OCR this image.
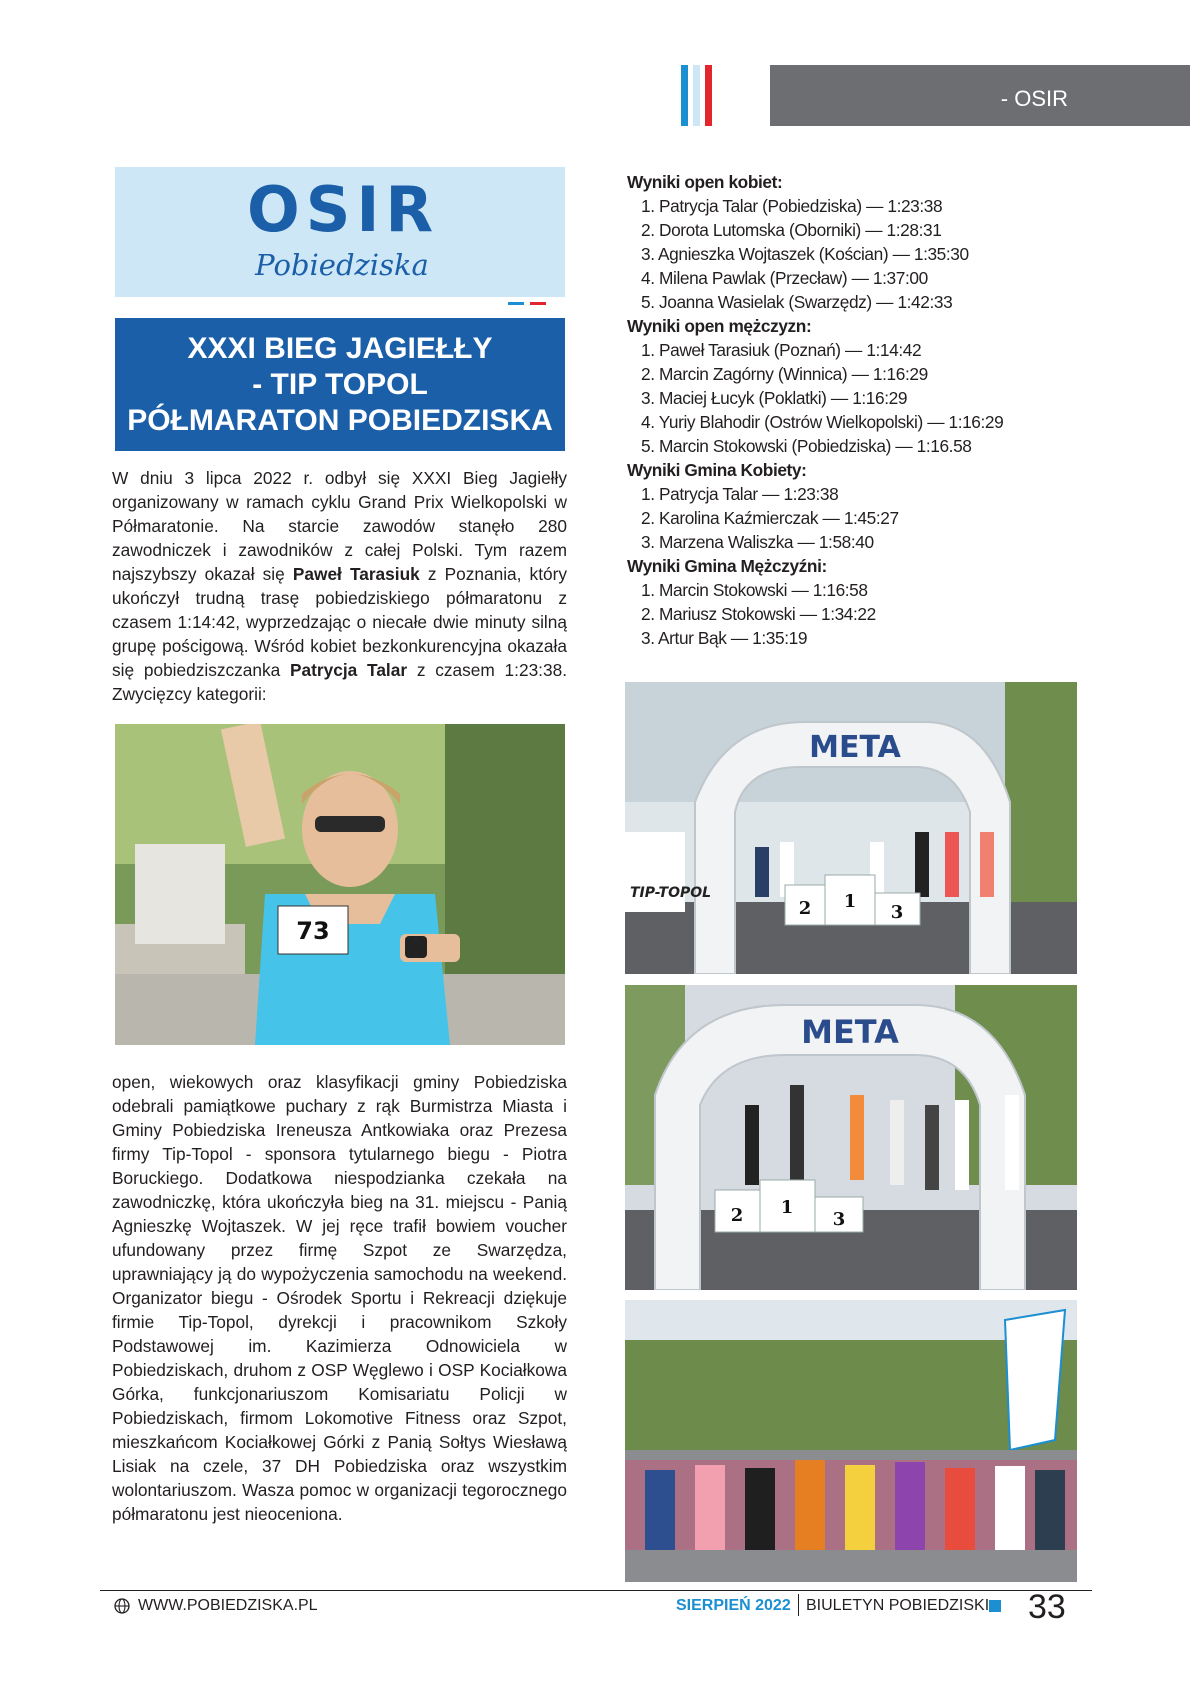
- OSIR
OSIR
Pobiedziska
XXXI BIEG JAGIEŁŁY
- TIP TOPOL
PÓŁMARATON POBIEDZISKA

W dniu 3 lipca 2022 r. odbył się XXXI Bieg Jagiełły organizowany w ramach cyklu Grand Prix Wielkopolski w Półmaratonie. Na starcie zawodów stanęło 280 zawodniczek i zawodników z całej Polski. Tym razem najszybszy okazał się Paweł Tarasiuk z Poznania, który ukończył trudną trasę pobiedziskiego półmaratonu z czasem 1:14:42, wyprzedzając o niecałe dwie minuty silną grupę pościgową. Wśród kobiet bezkonkurencyjna okazała się pobiedziszczanka Patrycja Talar z czasem 1:23:38. Zwycięzcy kategorii:

73

open, wiekowych oraz klasyfikacji gminy Pobiedziska odebrali pamiątkowe puchary z rąk Burmistrza Miasta i Gminy Pobiedziska Ireneusza Antkowiaka oraz Prezesa firmy Tip-Topol - sponsora tytularnego biegu - Piotra Boruckiego. Dodatkowa niespodzianka czekała na zawodniczkę, która ukończyła bieg na 31. miejscu - Panią Agnieszkę Wojtaszek. W jej ręce trafił bowiem voucher ufundowany przez firmę Szpot ze Swarzędza, uprawniający ją do wypożyczenia samochodu na weekend. Organizator biegu - Ośrodek Sportu i Rekreacji dziękuje firmie Tip-Topol, dyrekcji i pracownikom Szkoły Podstawowej im. Kazimierza Odnowiciela w Pobiedziskach, druhom z OSP Węglewo i OSP Kociałkowa Górka, funkcjonariuszom Komisariatu Policji w Pobiedziskach, firmom Lokomotive Fitness oraz Szpot, mieszkańcom Kociałkowej Górki z Panią Sołtys Wiesławą Lisiak na czele, 37 DH Pobiedziska oraz wszystkim wolontariuszom. Wasza pomoc w organizacji tegorocznego półmaratonu jest nieoceniona.

Wyniki open kobiet:
1. Patrycja Talar (Pobiedziska) — 1:23:38
2. Dorota Lutomska (Oborniki) — 1:28:31
3. Agnieszka Wojtaszek (Kościan) — 1:35:30
4. Milena Pawlak (Przecław) — 1:37:00
5. Joanna Wasielak (Swarzędz) — 1:42:33
Wyniki open mężczyzn:
1. Paweł Tarasiuk (Poznań) — 1:14:42
2. Marcin Zagórny (Winnica) — 1:16:29
3. Maciej Łucyk (Poklatki) — 1:16:29
4. Yuriy Blahodir (Ostrów Wielkopolski) — 1:16:29
5. Marcin Stokowski (Pobiedziska) — 1:16.58
Wyniki Gmina Kobiety:
1. Patrycja Talar — 1:23:38
2. Karolina Kaźmierczak — 1:45:27
3. Marzena Waliszka — 1:58:40
Wyniki Gmina Mężczyźni:
1. Marcin Stokowski — 1:16:58
2. Mariusz Stokowski — 1:34:22
3. Artur Bąk — 1:35:19
META
TIP-TOPOL
2 1
3
META
2 1
3
WWW.POBIEDZISKA.PL	SIERPIEŃ 2022 BIULETYN POBIEDZISKI 33
